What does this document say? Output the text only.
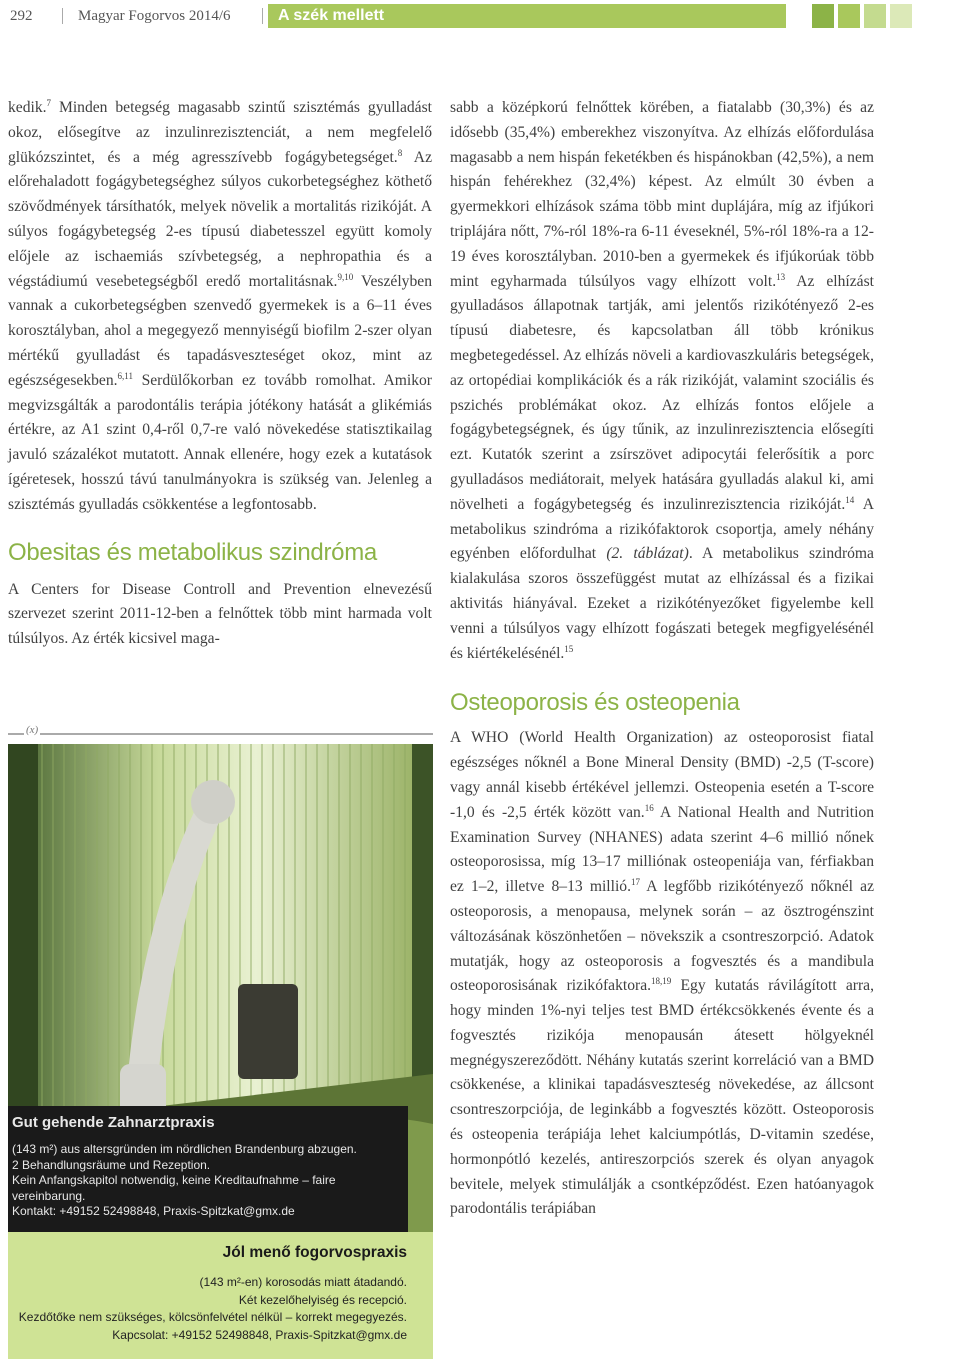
292	Magyar Fogorvos 2014/6	A szék mellett

kedik.$^7$ Minden betegség magasabb szintű szisztémás gyulladást okoz, elősegítve az inzulinrezisztenciát, a nem megfelelő glükózszintet, és a még agresszívebb fogágybetegséget.$^8$ Az előrehaladott fogágybetegséghez súlyos cukorbetegséghez köthető szövődmények társíthatók, melyek növelik a mortalitás rizikóját. A súlyos fogágybetegség 2-es típusú diabetesszel együtt komoly előjele az ischaemiás szívbetegség, a nephropathia és a végstádiumú vesebetegségből eredő mortalitásnak.$^{9,10}$ Veszélyben vannak a cukorbetegségben szenvedő gyermekek is a 6–11 éves korosztályban, ahol a megegyező mennyiségű biofilm 2-szer olyan mértékű gyulladást és tapadásveszteséget okoz, mint az egészségesekben.$^{6,11}$ Serdülőkorban ez tovább romolhat. Amikor megvizsgálták a parodontális terápia jótékony hatását a glikémiás értékre, az A1 szint 0,4-ről 0,7-re való növekedése statisztikailag javuló százalékot mutatott. Annak ellenére, hogy ezek a kutatások ígéretesek, hosszú távú tanulmányokra is szükség van. Jelenleg a szisztémás gyulladás csökkentése a legfontosabb.

Obesitas és metabolikus szindróma

A Centers for Disease Controll and Prevention elnevezésű szervezet szerint 2011-12-ben a felnőttek több mint harmada volt túlsúlyos. Az érték kicsivel maga-

(x)
Gut gehende Zahnarztpraxis
(143 m²) aus altersgründen im nördlichen Brandenburg abzugen.
2 Behandlungsräume und Rezeption.
Kein Anfangskapitol notwendig, keine Kreditaufnahme – faire vereinbarung.
Kontakt: +49152 52498848, Praxis-Spitzkat@gmx.de
Jól menő fogorvospraxis
(143 m²-en) korosodás miatt átadandó.
Két kezelőhelyiség és recepció.
Kezdőtőke nem szükséges, kölcsönfelvétel nélkül – korrekt megegyezés.
Kapcsolat: +49152 52498848, Praxis-Spitzkat@gmx.de

sabb a középkorú felnőttek körében, a fiatalabb (30,3%) és az idősebb (35,4%) emberekhez viszonyítva. Az elhízás előfordulása magasabb a nem hispán feketékben és hispánokban (42,5%), a nem hispán fehérekhez (32,4%) képest. Az elmúlt 30 évben a gyermekkori elhízások száma több mint duplájára, míg az ifjúkori triplájára nőtt, 7%-ról 18%-ra 6-11 éveseknél, 5%-ról 18%-ra a 12-19 éves korosztályban. 2010-ben a gyermekek és ifjúkorúak több mint egyharmada túlsúlyos vagy elhízott volt.$^{13}$ Az elhízást gyulladásos állapotnak tartják, ami jelentős rizikótényező 2-es típusú diabetesre, és kapcsolatban áll több krónikus megbetegedéssel. Az elhízás növeli a kardiovaszkuláris betegségek, az ortopédiai komplikációk és a rák rizikóját, valamint szociális és pszichés problémákat okoz. Az elhízás fontos előjele a fogágybetegségnek, és úgy tűnik, az inzulinrezisztencia elősegíti ezt. Kutatók szerint a zsírszövet adipocytái felerősítik a porc gyulladásos mediátorait, melyek hatására gyulladás alakul ki, ami növelheti a fogágybetegség és inzulinrezisztencia rizikóját.$^{14}$ A metabolikus szindróma a rizikófaktorok csoportja, amely néhány egyénben előfordulhat (2. táblázat). A metabolikus szindróma kialakulása szoros összefüggést mutat az elhízással és a fizikai aktivitás hiányával. Ezeket a rizikótényezőket figyelembe kell venni a túlsúlyos vagy elhízott fogászati betegek megfigyelésénél és kiértékelésénél.$^{15}$

Osteoporosis és osteopenia

A WHO (World Health Organization) az osteoporosist fiatal egészséges nőknél a Bone Mineral Density (BMD) -2,5 (T-score) vagy annál kisebb értékével jellemzi. Osteopenia esetén a T-score -1,0 és -2,5 érték között van.$^{16}$ A National Health and Nutrition Examination Survey (NHANES) adata szerint 4–6 millió nőnek osteoporosissa, míg 13–17 milliónak osteopeniája van, férfiakban ez 1–2, illetve 8–13 millió.$^{17}$ A legfőbb rizikótényező nőknél az osteoporosis, a menopausa, melynek során – az ösztrogénszint változásának köszönhetően – növekszik a csontreszorpció. Adatok mutatják, hogy az osteoporosis a fogvesztés és a mandibula osteoporosisának rizikófaktora.$^{18,19}$ Egy kutatás rávilágított arra, hogy minden 1%-nyi teljes test BMD értékcsökkenés évente és a fogvesztés rizikója menopausán átesett hölgyeknél megnégyszereződött. Néhány kutatás szerint korreláció van a BMD csökkenése, a klinikai tapadásveszteség növekedése, az állcsont csontreszorpciója, de leginkább a fogvesztés között. Osteoporosis és osteopenia terápiája lehet kalciumpótlás, D-vitamin szedése, hormonpótló kezelés, antireszorpciós szerek és olyan anyagok bevitele, melyek stimulálják a csontképződést. Ezen hatóanyagok parodontális terápiában
